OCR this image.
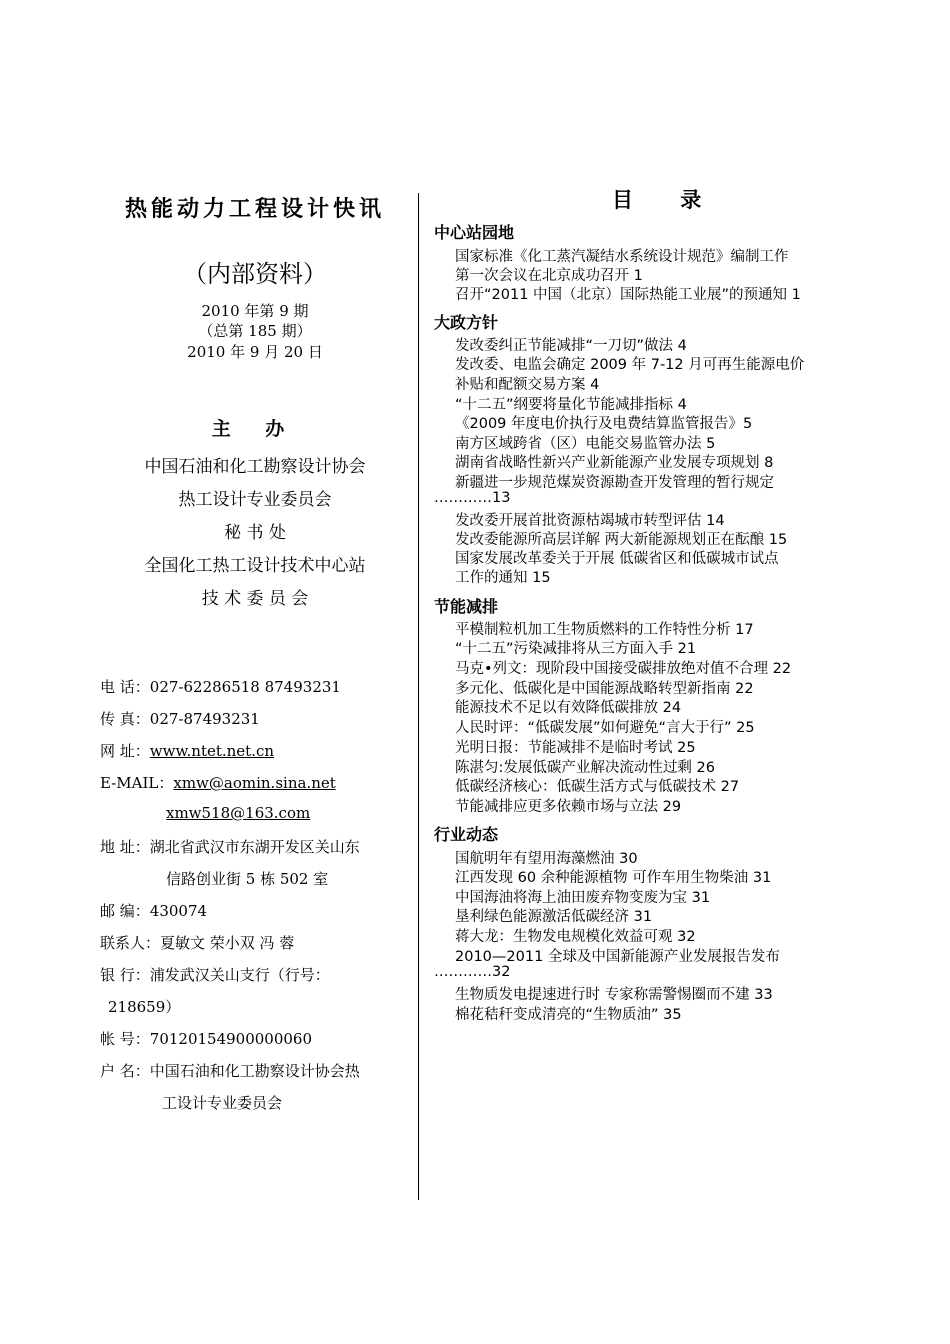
热能动力工程设计快讯
（内部资料）
2010 年第 9 期
（总第 185 期）
2010 年 9 月 20 日
主 办
中国石油和化工勘察设计协会
热工设计专业委员会
秘 书 处
全国化工热工设计技术中心站
技 术 委 员 会
电 话：027-62286518 87493231
传 真：027-87493231
网 址：www.ntet.net.cn
E-MAIL：xmw@aomin.sina.net
xmw518@163.com
地 址：湖北省武汉市东湖开发区关山东
信路创业街 5 栋 502 室
邮 编：430074
联系人：夏敏文 荣小双 冯 蓉
银 行：浦发武汉关山支行（行号：
218659）
帐 号：70120154900000060
户 名：中国石油和化工勘察设计协会热
工设计专业委员会
目 录
中心站园地
国家标准《化工蒸汽凝结水系统设计规范》编制工作
第一次会议在北京成功召开 1
召开“2011 中国（北京）国际热能工业展”的预通知 1
大政方针
发改委纠正节能减排“一刀切”做法 4
发改委、电监会确定 2009 年 7-12 月可再生能源电价
补贴和配额交易方案 4
“十二五”纲要将量化节能减排指标 4
《2009 年度电价执行及电费结算监管报告》5
南方区域跨省（区）电能交易监管办法 5
湖南省战略性新兴产业新能源产业发展专项规划 8
新疆进一步规范煤炭资源勘查开发管理的暂行规定
…………13
发改委开展首批资源枯竭城市转型评估 14
发改委能源所高层详解 两大新能源规划正在酝酿 15
国家发展改革委关于开展 低碳省区和低碳城市试点
工作的通知 15
节能减排
平模制粒机加工生物质燃料的工作特性分析 17
“十二五”污染减排将从三方面入手 21
马克•列文：现阶段中国接受碳排放绝对值不合理 22
多元化、低碳化是中国能源战略转型新指南 22
能源技术不足以有效降低碳排放 24
人民时评：“低碳发展”如何避免“言大于行” 25
光明日报：节能减排不是临时考试 25
陈湛匀:发展低碳产业解决流动性过剩 26
低碳经济核心：低碳生活方式与低碳技术 27
节能减排应更多依赖市场与立法 29
行业动态
国航明年有望用海藻燃油 30
江西发现 60 余种能源植物 可作车用生物柴油 31
中国海油将海上油田废弃物变废为宝 31
垦利绿色能源激活低碳经济 31
蒋大龙：生物发电规模化效益可观 32
2010—2011 全球及中国新能源产业发展报告发布
…………32
生物质发电提速进行时 专家称需警惕圈而不建 33
棉花秸秆变成清亮的“生物质油” 35
